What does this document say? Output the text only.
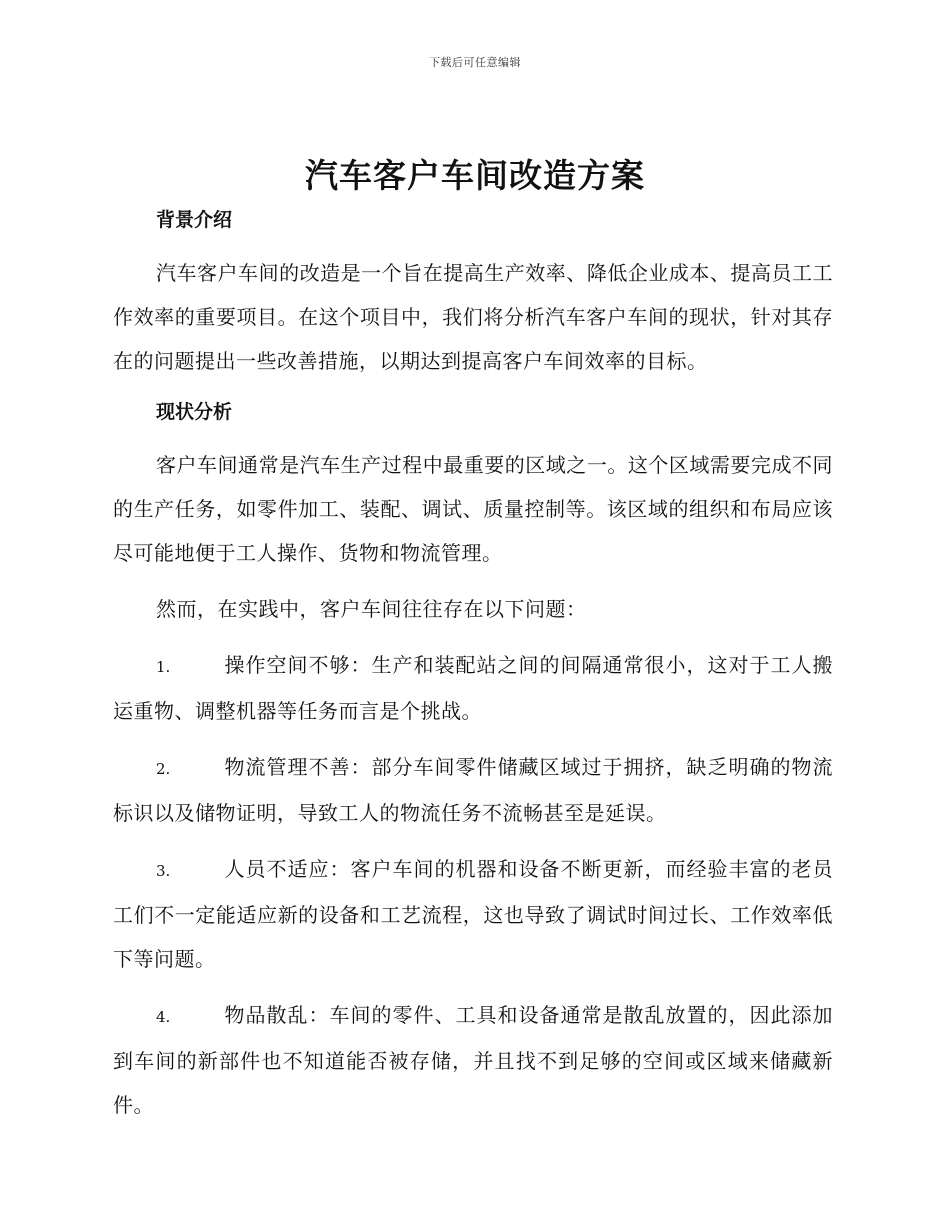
下载后可任意编辑
汽车客户车间改造方案
背景介绍

汽车客户车间的改造是一个旨在提高生产效率、降低企业成本、提高员工工作效率的重要项目。在这个项目中，我们将分析汽车客户车间的现状，针对其存在的问题提出一些改善措施，以期达到提高客户车间效率的目标。

现状分析

客户车间通常是汽车生产过程中最重要的区域之一。这个区域需要完成不同的生产任务，如零件加工、装配、调试、质量控制等。该区域的组织和布局应该尽可能地便于工人操作、货物和物流管理。

然而，在实践中，客户车间往往存在以下问题：

1.	操作空间不够：生产和装配站之间的间隔通常很小，这对于工人搬运重物、调整机器等任务而言是个挑战。

2.	物流管理不善：部分车间零件储藏区域过于拥挤，缺乏明确的物流标识以及储物证明，导致工人的物流任务不流畅甚至是延误。

3.	人员不适应：客户车间的机器和设备不断更新，而经验丰富的老员工们不一定能适应新的设备和工艺流程，这也导致了调试时间过长、工作效率低下等问题。

4.	物品散乱：车间的零件、工具和设备通常是散乱放置的，因此添加到车间的新部件也不知道能否被存储，并且找不到足够的空间或区域来储藏新件。
